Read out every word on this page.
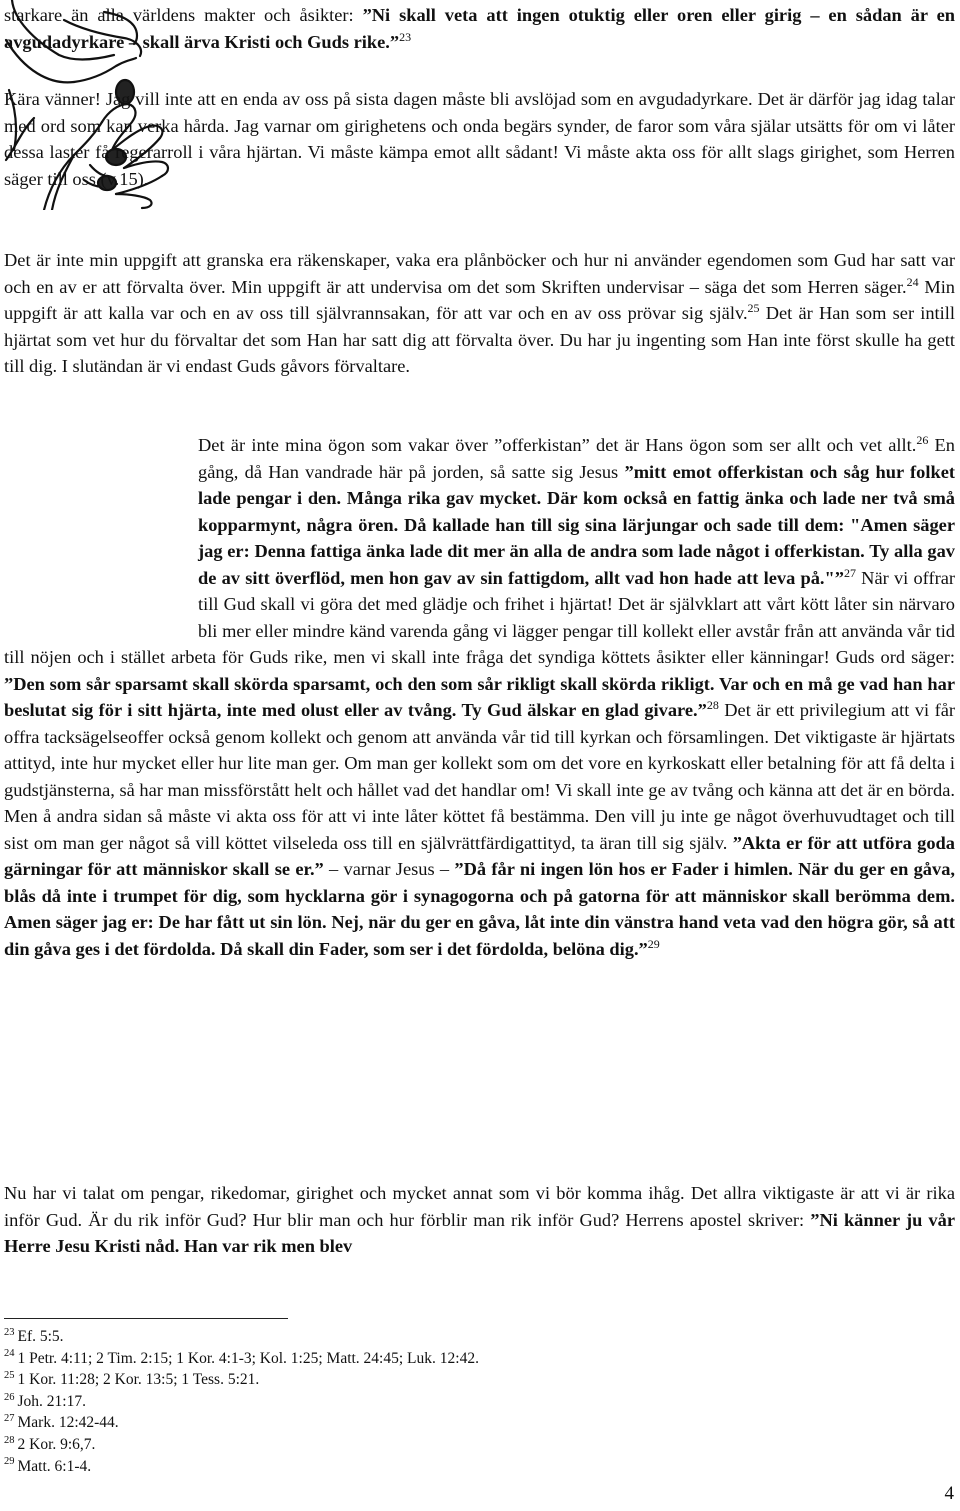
starkare än alla världens makter och åsikter: ”Ni skall veta att ingen otuktig eller oren eller girig – en sådan är en avgudadyrkare – skall ärva Kristi och Guds rike.”$^{23}$

Kära vänner! Jag vill inte att en enda av oss på sista dagen måste bli avslöjad som en avgudadyrkare. Det är därför jag idag talar med ord som kan verka hårda. Jag varnar om girighetens och onda begärs synder, de faror som våra själar utsätts för om vi låter dessa laster få regerarroll i våra hjärtan. Vi måste kämpa emot allt sådant! Vi måste akta oss för allt slags girighet, som Herren säger till oss (v.15).

Det är inte min uppgift att granska era räkenskaper, vaka era plånböcker och hur ni använder egendomen som Gud har satt var och en av er att förvalta över. Min uppgift är att undervisa om det som Skriften undervisar – säga det som Herren säger.$^{24}$ Min uppgift är att kalla var och en av oss till självrannsakan, för att var och en av oss prövar sig själv.$^{25}$ Det är Han som ser intill hjärtat som vet hur du förvaltar det som Han har satt dig att förvalta över. Du har ju ingenting som Han inte först skulle ha gett till dig. I slutändan är vi endast Guds gåvors förvaltare.

Det är inte mina ögon som vakar över ”offerkistan” det är Hans ögon som ser allt och vet allt.$^{26}$ En gång, då Han vandrade här på jorden, så satte sig Jesus ”mitt emot offerkistan och såg hur folket lade pengar i den. Många rika gav mycket. Där kom också en fattig änka och lade ner två små kopparmynt, några ören. Då kallade han till sig sina lärjungar och sade till dem: "Amen säger jag er: Denna fattiga änka lade dit mer än alla de andra som lade något i offerkistan. Ty alla gav de av sitt överflöd, men hon gav av sin fattigdom, allt vad hon hade att leva på."”$^{27}$ När vi offrar till Gud skall vi göra det med glädje och frihet i hjärtat! Det är självklart att vårt kött låter sin närvaro bli mer eller mindre känd varenda gång vi lägger pengar till kollekt eller avstår från att använda vår tid till nöjen och i stället arbeta för Guds rike, men vi skall inte fråga det syndiga köttets åsikter eller känningar! Guds ord säger: ”Den som sår sparsamt skall skörda sparsamt, och den som sår rikligt skall skörda rikligt. Var och en må ge vad han har beslutat sig för i sitt hjärta, inte med olust eller av tvång. Ty Gud älskar en glad givare.”$^{28}$ Det är ett privilegium att vi får offra tacksägelseoffer också genom kollekt och genom att använda vår tid till kyrkan och församlingen. Det viktigaste är hjärtats attityd, inte hur mycket eller hur lite man ger. Om man ger kollekt som om det vore en kyrkoskatt eller betalning för att få delta i gudstjänsterna, så har man missförstått helt och hållet vad det handlar om! Vi skall inte ge av tvång och känna att det är en börda. Men å andra sidan så måste vi akta oss för att vi inte låter köttet få bestämma. Den vill ju inte ge något överhuvudtaget och till sist om man ger något så vill köttet vilseleda oss till en självrättfärdigattityd, ta äran till sig själv. ”Akta er för att utföra goda gärningar för att människor skall se er.” – varnar Jesus – ”Då får ni ingen lön hos er Fader i himlen. När du ger en gåva, blås då inte i trumpet för dig, som hycklarna gör i synagogorna och på gatorna för att människor skall berömma dem. Amen säger jag er: De har fått ut sin lön. Nej, när du ger en gåva, låt inte din vänstra hand veta vad den högra gör, så att din gåva ges i det fördolda. Då skall din Fader, som ser i det fördolda, belöna dig.”$^{29}$

Nu har vi talat om pengar, rikedomar, girighet och mycket annat som vi bör komma ihåg. Det allra viktigaste är att vi är rika inför Gud. Är du rik inför Gud? Hur blir man och hur förblir man rik inför Gud? Herrens apostel skriver: ”Ni känner ju vår Herre Jesu Kristi nåd. Han var rik men blev

$^{23}$ Ef. 5:5.
$^{24}$ 1 Petr. 4:11; 2 Tim. 2:15; 1 Kor. 4:1-3; Kol. 1:25; Matt. 24:45; Luk. 12:42.
$^{25}$ 1 Kor. 11:28; 2 Kor. 13:5; 1 Tess. 5:21.
$^{26}$ Joh. 21:17.
$^{27}$ Mark. 12:42-44.
$^{28}$ 2 Kor. 9:6,7.
$^{29}$ Matt. 6:1-4.
4
